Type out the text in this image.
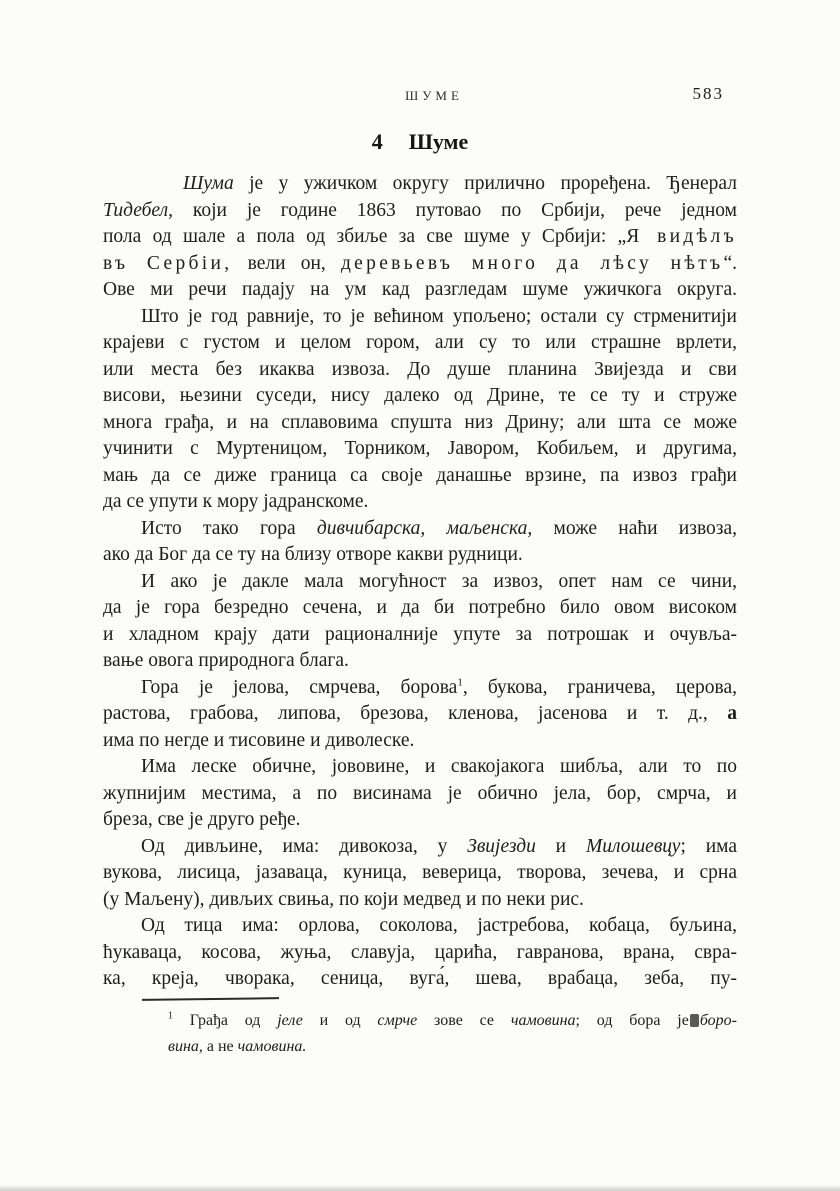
ШУМЕ	583
4 Шуме
Шума је у ужичком округу прилично проређена. Ђенерал
Тидебел, који је године 1863 путовао по Србији, рече једном
пола од шале а пола од збиље за све шуме у Србији: „Я видѣлъ
въ Сербіи, вели он, деревьевъ много да лѣсу нѣтъ“.
Ове ми речи падају на ум кад разгледам шуме ужичкога округа.
Што је год равније, то је већином упољено; остали су стрменитији
крајеви с густом и целом гором, али су то или страшне врлети,
или места без икаква извоза. До душе планина Звијезда и сви
висови, њезини суседи, нису далеко од Дрине, те се ту и струже
многа грађа, и на сплавовима спушта низ Дрину; али шта се може
учинити с Муртеницом, Торником, Јавором, Кобиљем, и другима,
мањ да се диже граница са своје данашње врзине, па извоз грађи
да се упути к мору јадранскоме.
Исто тако гора дивчибарска, маљенска, може наћи извоза,
ако да Бог да се ту на близу отворе какви рудници.
И ако је дакле мала могућност за извоз, опет нам се чини,
да је гора безредно сечена, и да би потребно било овом високом
и хладном крају дати рационалније упуте за потрошак и очувља-
вање овога природнога блага.
Гора је јелова, смрчева, борова$^1$, букова, граничева, церова,
растова, грабова, липова, брезова, кленова, јасенова и т. д., а
има по негде и тисовине и диволеске.
Има леске обичне, јововине, и свакојакога шибља, али то по
жупнијим местима, а по висинама је обично јела, бор, смрча, и
бреза, све је друго ређе.
Од дивљине, има: дивокоза, у Звијезди и Милошевцу; има
вукова, лисица, јазаваца, куница, веверица, творова, зечева, и срна
(у Маљену), дивљих свиња, по који медвед и по неки рис.
Од тица има: орлова, соколова, јастребова, кобаца, буљина,
ћукаваца, косова, жуња, славуја, царића, гавранова, врана, свра-
ка, креја, чворака, сеница, вуга́, шева, врабаца, зеба, пу-
$^1$ Грађа од јеле и од смрче зове се чамовина; од бора је боро-
вина, а не чамовина.
